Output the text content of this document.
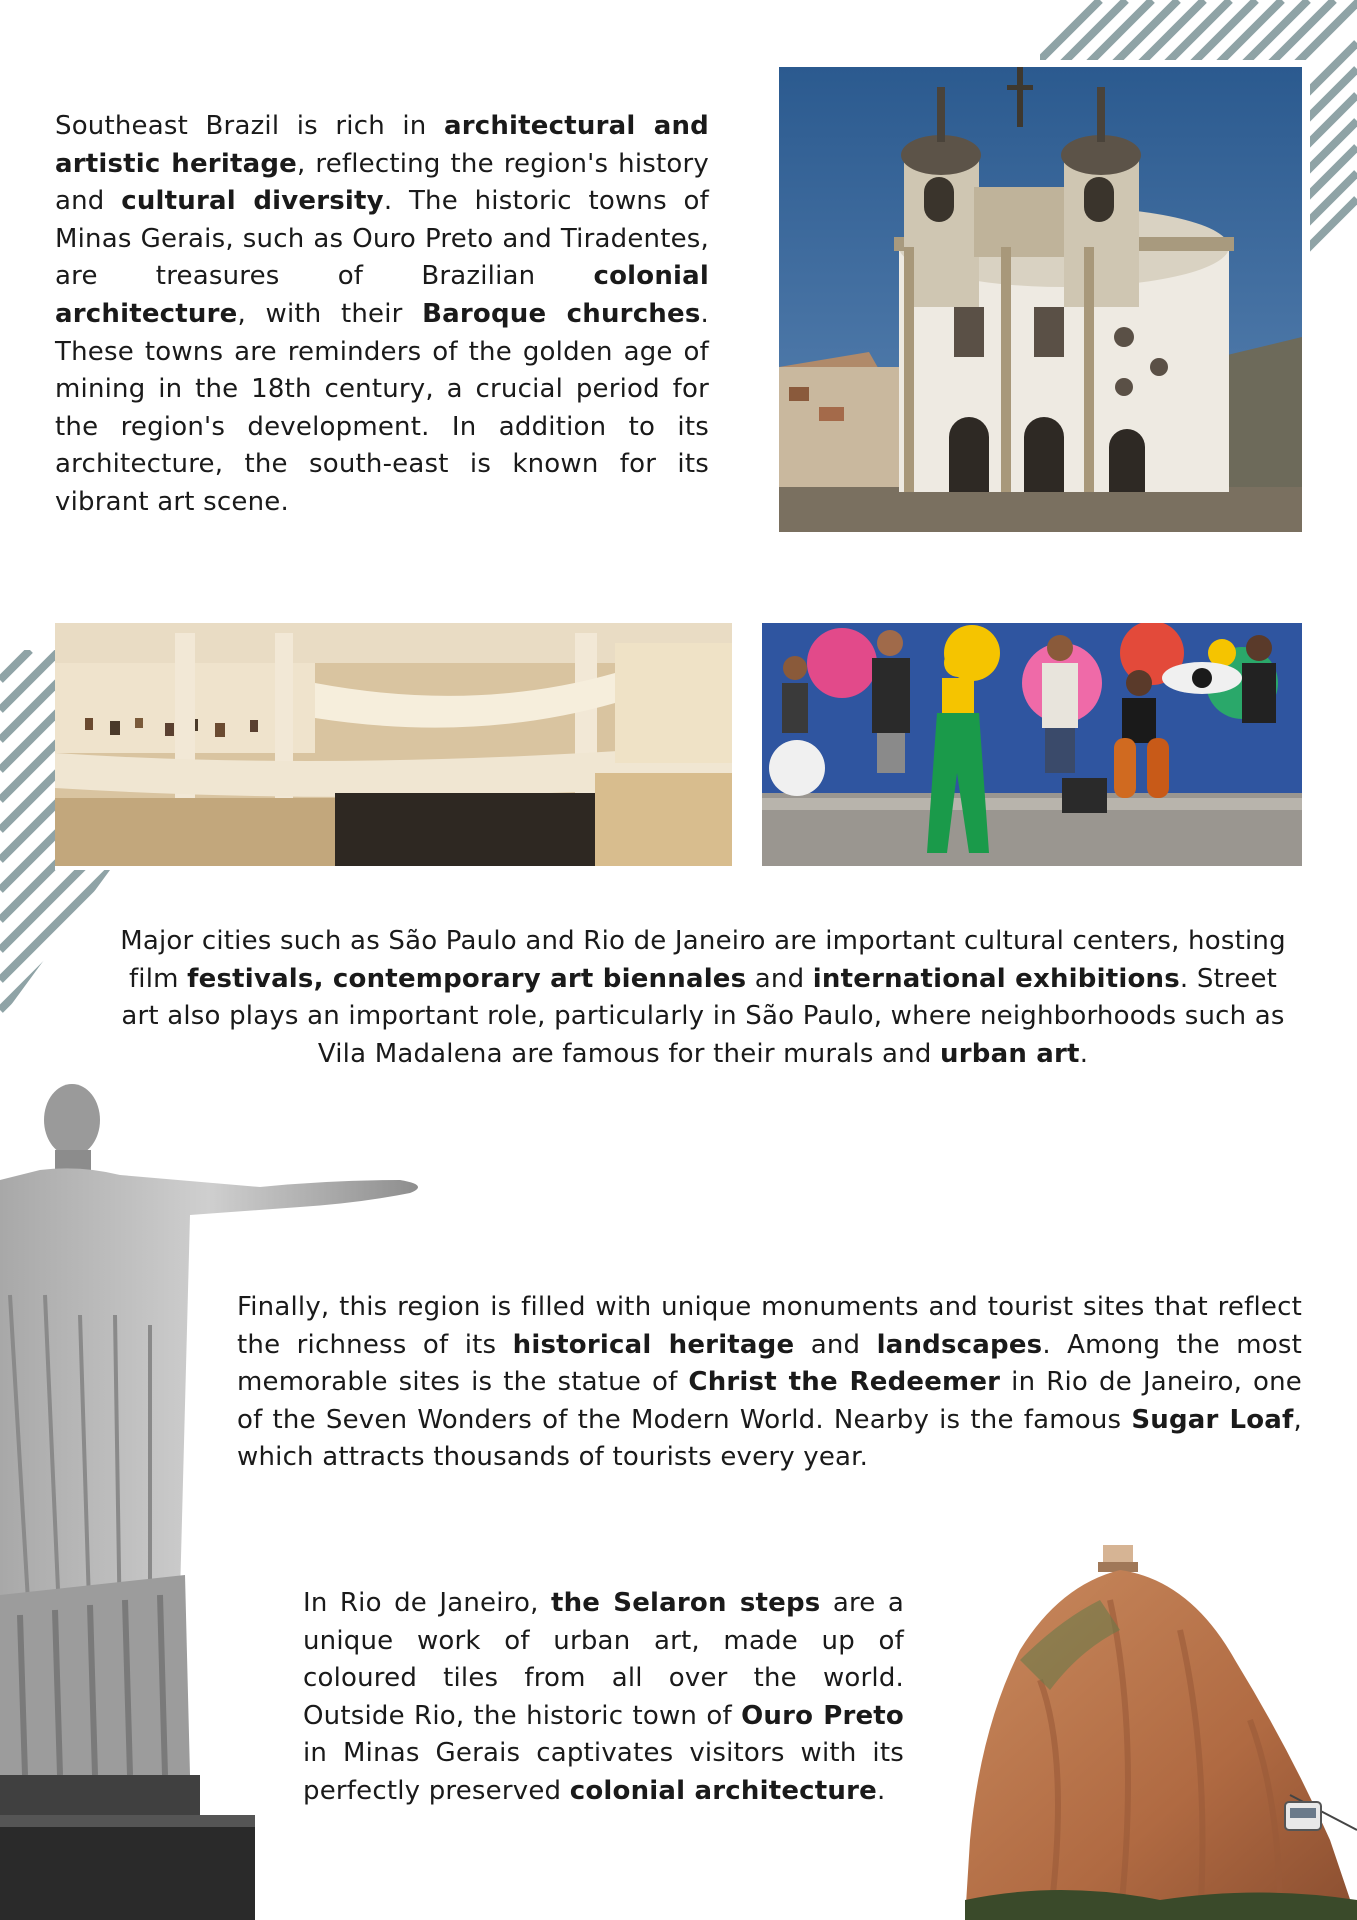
Southeast Brazil is rich in architectural and artistic heritage, reflecting the region's history and cultural diversity. The historic towns of Minas Gerais, such as Ouro Preto and Tiradentes, are treasures of Brazilian colonial architecture, with their Baroque churches. These towns are reminders of the golden age of mining in the 18th century, a crucial period for the region's development. In addition to its architecture, the south-east is known for its vibrant art scene.

Major cities such as São Paulo and Rio de Janeiro are important cultural centers, hosting film festivals, contemporary art biennales and international exhibitions. Street art also plays an important role, particularly in São Paulo, where neighborhoods such as Vila Madalena are famous for their murals and urban art.

Finally, this region is filled with unique monuments and tourist sites that reflect the richness of its historical heritage and landscapes. Among the most memorable sites is the statue of Christ the Redeemer in Rio de Janeiro, one of the Seven Wonders of the Modern World. Nearby is the famous Sugar Loaf, which attracts thousands of tourists every year.

In Rio de Janeiro, the Selaron steps are a unique work of urban art, made up of coloured tiles from all over the world. Outside Rio, the historic town of Ouro Preto in Minas Gerais captivates visitors with its perfectly preserved colonial architecture.
